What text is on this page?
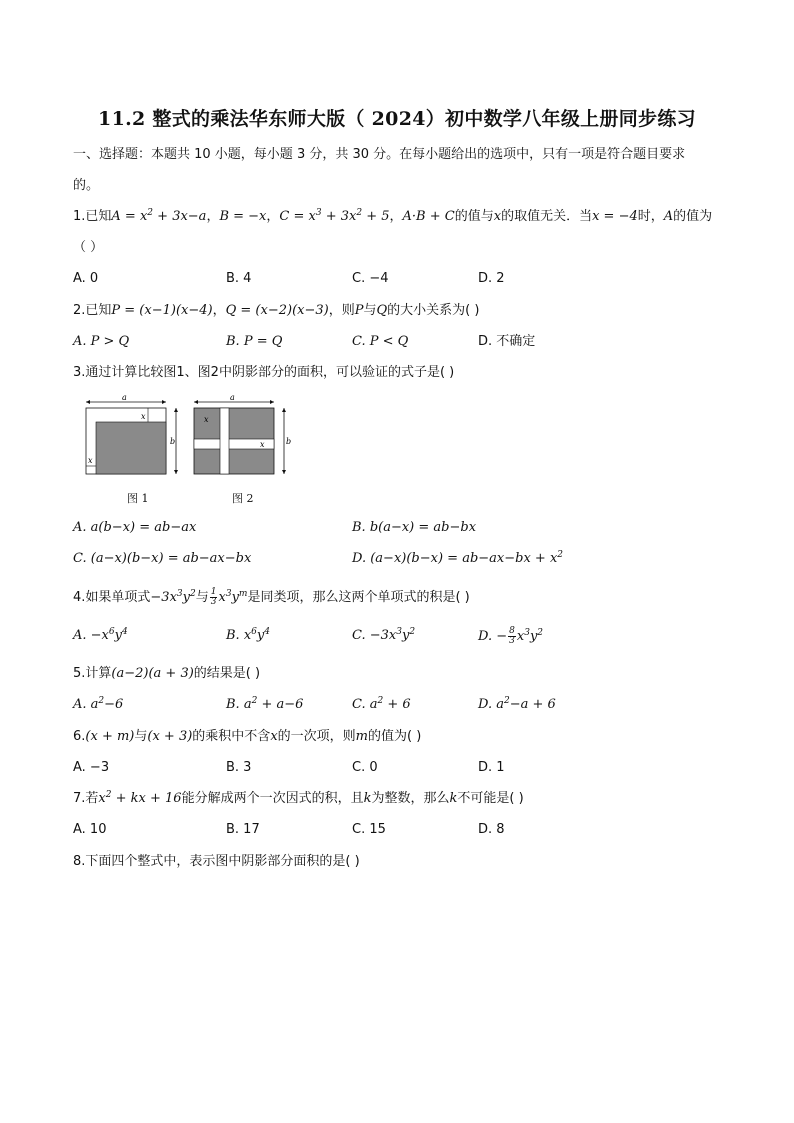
11.2 整式的乘法华东师大版（ 2024）初中数学八年级上册同步练习
一、选择题：本题共 10 小题，每小题 3 分，共 30 分。在每小题给出的选项中，只有一项是符合题目要求
的。
1.已知$A = x^2 + 3x-a$，B = −x，$C = x^3 + 3x^2 + 5$，A·B + C的值与x的取值无关．当x = −4时，A的值为
（ ）
A. 0	B. 4	C. −4	D. 2
2.已知P = (x−1)(x−4)，Q = (x−2)(x−3)，则P与Q的大小关系为( )
A. P > Q	B. P = Q	C. P < Q	D. 不确定
3.通过计算比较图1、图2中阴影部分的面积，可以验证的式子是( )
a
x
x
b
图 1
a
x
x	b
图 2
A. a(b−x) = ab−ax	B. b(a−x) = ab−bx
C. (a−x)(b−x) = ab−ax−bx	D. $(a-x)(b-x) = ab-ax-bx + x^2$
4.如果单项式$-3x^3y^2$与 $\frac{1}{3} x^3y^m$是同类项，那么这两个单项式的积是( )
A. $-x^6y^4$	B. $x^6y^4$	C. $-3x^3y^2$	D. − $\frac{8}{3} x^3y^2$
5.计算(a−2)(a + 3)的结果是( )
A. $a^2-6$	B. $a^2 + a-6$	C. $a^2 + 6$	D. $a^2-a + 6$
6.(x + m)与(x + 3)的乘积中不含x的一次项，则m的值为( )
A. −3	B. 3	C. 0	D. 1
7.若$x^2$ + kx + 16能分解成两个一次因式的积，且k为整数，那么k不可能是( )
A. 10	B. 17	C. 15	D. 8
8.下面四个整式中，表示图中阴影部分面积的是( )
